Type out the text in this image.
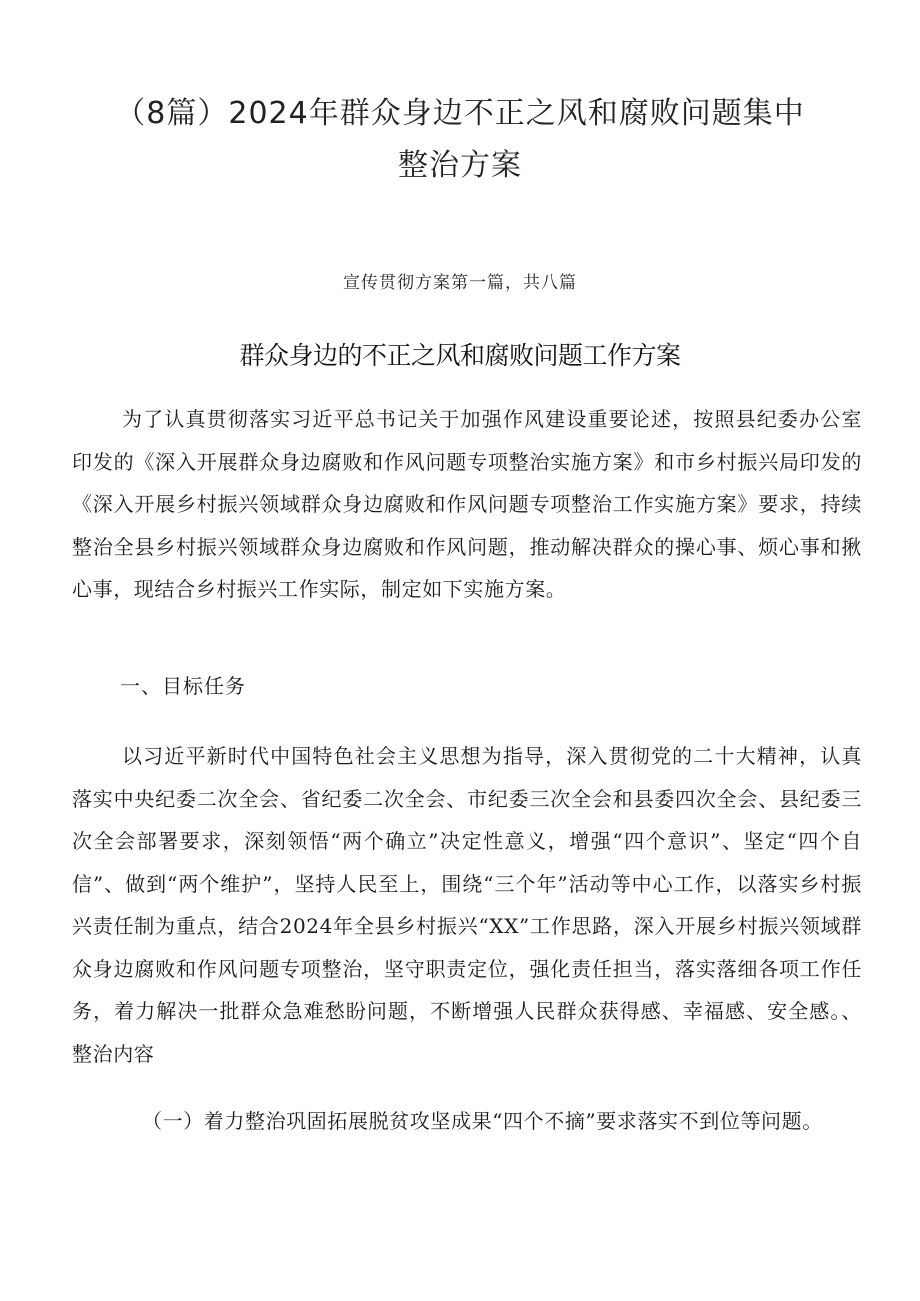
（8篇）2024年群众身边不正之风和腐败问题集中
整治方案
宣传贯彻方案第一篇，共八篇
群众身边的不正之风和腐败问题工作方案

为了认真贯彻落实习近平总书记关于加强作风建设重要论述，按照县纪委办公室印发的《深入开展群众身边腐败和作风问题专项整治实施方案》和市乡村振兴局印发的《深入开展乡村振兴领域群众身边腐败和作风问题专项整治工作实施方案》要求，持续整治全县乡村振兴领域群众身边腐败和作风问题，推动解决群众的操心事、烦心事和揪心事，现结合乡村振兴工作实际，制定如下实施方案。

一、目标任务

以习近平新时代中国特色社会主义思想为指导，深入贯彻党的二十大精神，认真落实中央纪委二次全会、省纪委二次全会、市纪委三次全会和县委四次全会、县纪委三次全会部署要求，深刻领悟“两个确立”决定性意义，增强“四个意识”、坚定“四个自信”、做到“两个维护”，坚持人民至上，围绕“三个年”活动等中心工作，以落实乡村振兴责任制为重点，结合2024年全县乡村振兴“XX”工作思路，深入开展乡村振兴领域群众身边腐败和作风问题专项整治，坚守职责定位，强化责任担当，落实落细各项工作任务，着力解决一批群众急难愁盼问题，不断增强人民群众获得感、幸福感、安全感。、整治内容

（一）着力整治巩固拓展脱贫攻坚成果“四个不摘”要求落实不到位等问题。
